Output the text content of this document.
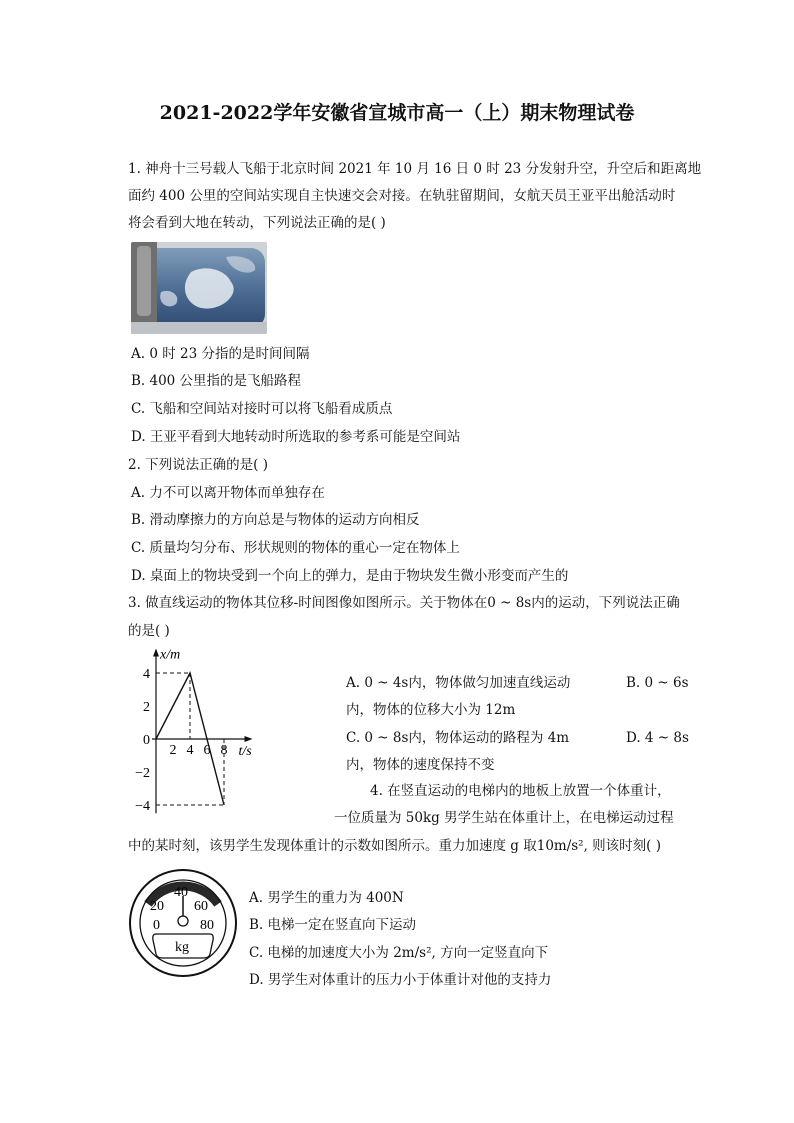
2021-2022学年安徽省宣城市高一（上）期末物理试卷
1. 神舟十三号载人飞船于北京时间 2021 年 10 月 16 日 0 时 23 分发射升空，升空后和距离地
面约 400 公里的空间站实现自主快速交会对接。在轨驻留期间，女航天员王亚平出舱活动时
将会看到大地在转动，下列说法正确的是( )
A. 0 时 23 分指的是时间间隔
B. 400 公里指的是飞船路程
C. 飞船和空间站对接时可以将飞船看成质点
D. 王亚平看到大地转动时所选取的参考系可能是空间站
2. 下列说法正确的是( )
A. 力不可以离开物体而单独存在
B. 滑动摩擦力的方向总是与物体的运动方向相反
C. 质量均匀分布、形状规则的物体的重心一定在物体上
D. 桌面上的物块受到一个向上的弹力，是由于物块发生微小形变而产生的
3. 做直线运动的物体其位移-时间图像如图所示。关于物体在0 ~ 8s内的运动，下列说法正确
的是( )
x/m
t/s
4
2
0
−2
−4
2 4 6 8
A. 0 ~ 4s内，物体做匀加速直线运动	B. 0 ~ 6s
内，物体的位移大小为 12m
C. 0 ~ 8s内，物体运动的路程为 4m	D. 4 ~ 8s
内，物体的速度保持不变
4. 在竖直运动的电梯内的地板上放置一个体重计，
一位质量为 50kg 男学生站在体重计上，在电梯运动过程
中的某时刻，该男学生发现体重计的示数如图所示。重力加速度 g 取10m/s², 则该时刻( )
0
20
40
60
80
kg
A. 男学生的重力为 400N
B. 电梯一定在竖直向下运动
C. 电梯的加速度大小为 2m/s², 方向一定竖直向下
D. 男学生对体重计的压力小于体重计对他的支持力
